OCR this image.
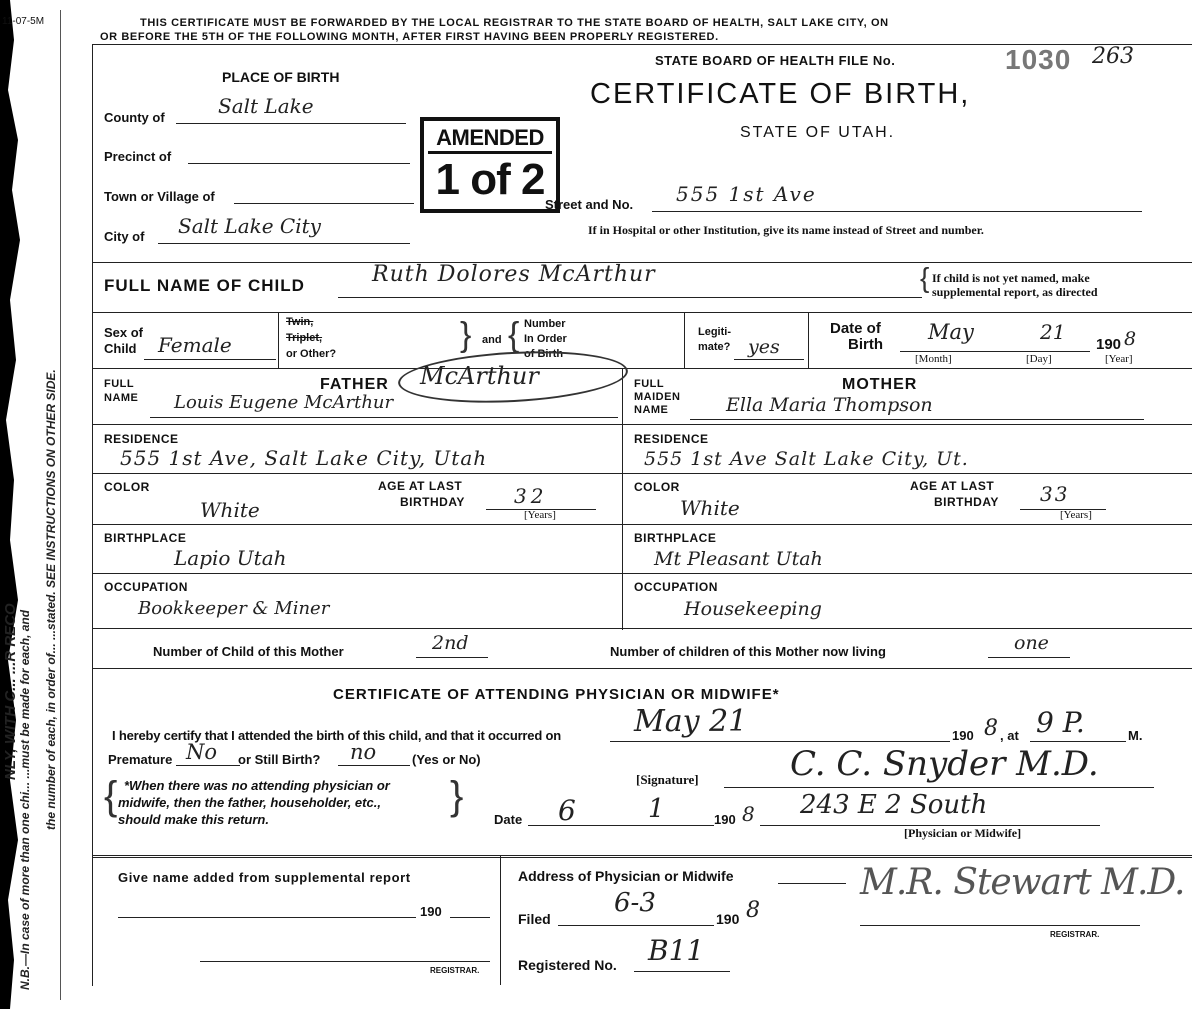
N.B.—In case of more than one chi... ...must be made for each, and the number of each, in order of... ...stated. SEE INSTRUCTIONS ON OTHER SIDE.
NLY, WITH C... ...R RECO
11-07-5M	THIS CERTIFICATE MUST BE FORWARDED BY THE LOCAL REGISTRAR TO THE STATE BOARD OF HEALTH, SALT LAKE CITY, ON
OR BEFORE THE 5TH OF THE FOLLOWING MONTH, AFTER FIRST HAVING BEEN PROPERLY REGISTERED.
STATE BOARD OF HEALTH FILE No.	1030 263
CERTIFICATE OF BIRTH,
STATE OF UTAH.
PLACE OF BIRTH
County of	Salt Lake
Precinct of
Town or Village of
City of Salt Lake City
AMENDED
1 of 2
Street and No. 555 1st Ave
If in Hospital or other Institution, give its name instead of Street and number.
FULL NAME OF CHILD	Ruth Dolores McArthur	{ If child is not yet named, make
supplemental report, as directed
Sex of
Child Female
Twin,
Triplet,
or Other?	} and { Number
In Order
of Birth
Legiti-
mate? yes
Date of
Birth
May	21
190 8
[Month]	[Day]	[Year]
FULL
NAME
FATHER McArthur
Louis Eugene McArthur
RESIDENCE
555 1st Ave, Salt Lake City, Utah
COLOR
White
AGE AT LAST
BIRTHDAY 32
[Years]
BIRTHPLACE
Lapio Utah
OCCUPATION
Bookkeeper & Miner
FULL
MAIDEN
NAME
MOTHER
Ella Maria Thompson
RESIDENCE
555 1st Ave Salt Lake City, Ut.
COLOR
White
AGE AT LAST
BIRTHDAY 33
[Years]
BIRTHPLACE
Mt Pleasant Utah
OCCUPATION
Housekeeping
Number of Child of this Mother	2nd	Number of children of this Mother now living	one
CERTIFICATE OF ATTENDING PHYSICIAN OR MIDWIFE*
I hereby certify that I attended the birth of this child, and that it occurred on May 21	190 8 , at 9 P.	M.
Premature No or Still Birth? no	(Yes or No)
{ *When there was no attending physician or
midwife, then the father, householder, etc.,
should make this return.
}	[Signature]	C. C. Snyder M.D.
Date 6	1	190 8 243 E 2 South
[Physician or Midwife]
Give name added from supplemental report
190
REGISTRAR.
Address of Physician or Midwife
Filed
6-3
190 8
M.R. Stewart M.D.
REGISTRAR.
Registered No. B11
